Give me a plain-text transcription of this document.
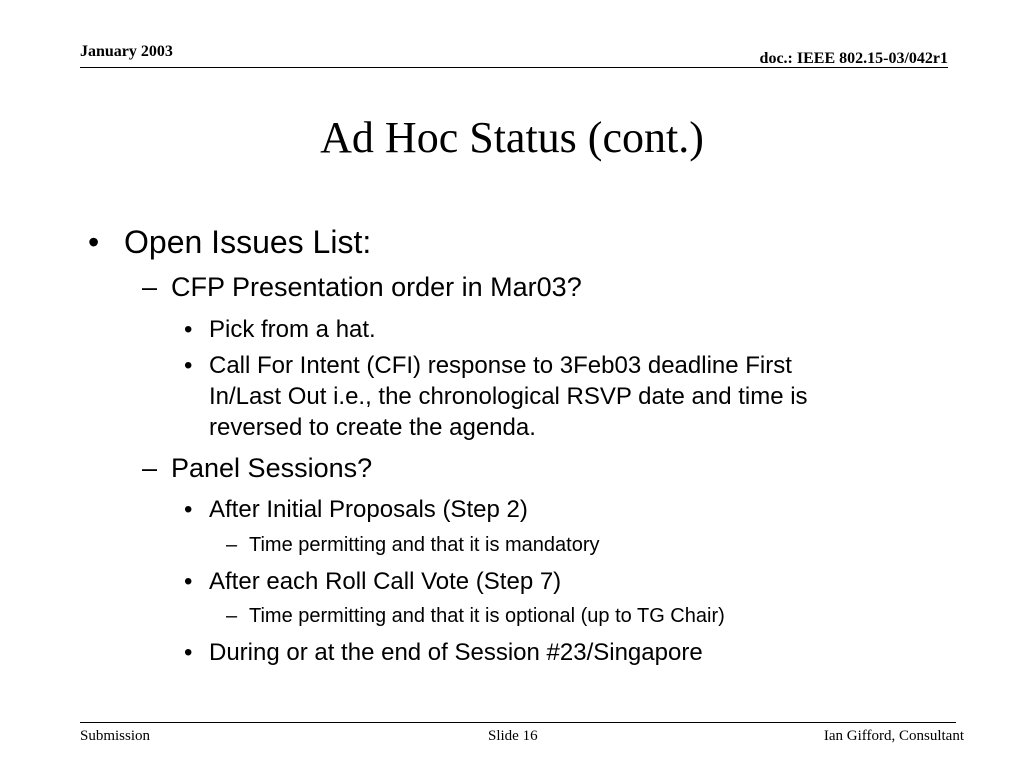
January 2003	doc.: IEEE 802.15-03/042r1
Ad Hoc Status (cont.)
• Open Issues List:
– CFP Presentation order in Mar03?
• Pick from a hat.
• Call For Intent (CFI) response to 3Feb03 deadline First
In/Last Out i.e., the chronological RSVP date and time is
reversed to create the agenda.
– Panel Sessions?
• After Initial Proposals (Step 2)
– Time permitting and that it is mandatory
• After each Roll Call Vote (Step 7)
– Time permitting and that it is optional (up to TG Chair)
• During or at the end of Session #23/Singapore
Submission	Slide 16	Ian Gifford, Consultant
